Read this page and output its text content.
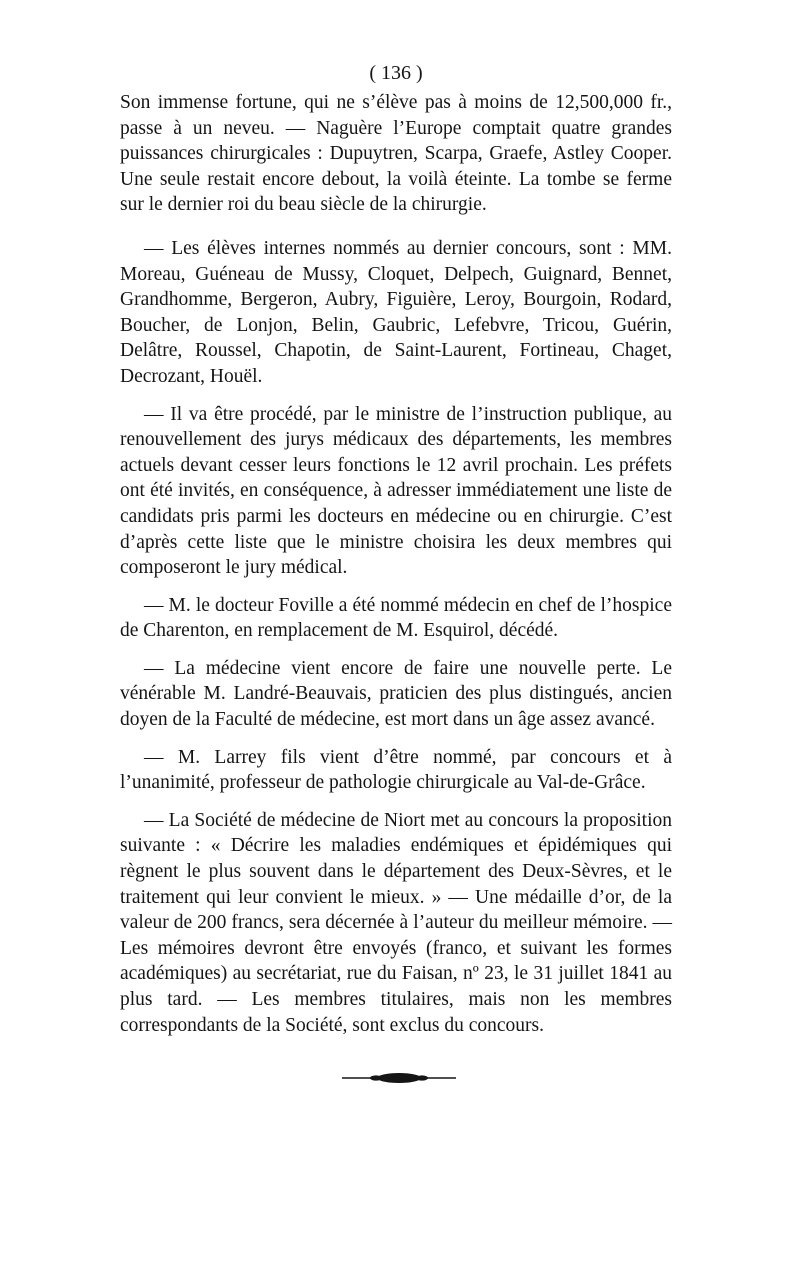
( 136 )

Son immense fortune, qui ne s’élève pas à moins de 12,500,000 fr., passe à un neveu. — Naguère l’Europe comptait quatre grandes puissances chirurgicales : Dupuytren, Scarpa, Graefe, Astley Cooper. Une seule restait encore debout, la voilà éteinte. La tombe se ferme sur le dernier roi du beau siècle de la chirurgie.

— Les élèves internes nommés au dernier concours, sont : MM. Moreau, Guéneau de Mussy, Cloquet, Delpech, Guignard, Bennet, Grandhomme, Bergeron, Aubry, Figuière, Leroy, Bourgoin, Rodard, Boucher, de Lonjon, Belin, Gaubric, Lefebvre, Tricou, Guérin, Delâtre, Roussel, Chapotin, de Saint-Laurent, Fortineau, Chaget, Decrozant, Houël.

— Il va être procédé, par le ministre de l’instruction publique, au renouvellement des jurys médicaux des départements, les membres actuels devant cesser leurs fonctions le 12 avril prochain. Les préfets ont été invités, en conséquence, à adresser immédiatement une liste de candidats pris parmi les docteurs en médecine ou en chirurgie. C’est d’après cette liste que le ministre choisira les deux membres qui composeront le jury médical.

— M. le docteur Foville a été nommé médecin en chef de l’hospice de Charenton, en remplacement de M. Esquirol, décédé.

— La médecine vient encore de faire une nouvelle perte. Le vénérable M. Landré-Beauvais, praticien des plus distingués, ancien doyen de la Faculté de médecine, est mort dans un âge assez avancé.

— M. Larrey fils vient d’être nommé, par concours et à l’unanimité, professeur de pathologie chirurgicale au Val-de-Grâce.

— La Société de médecine de Niort met au concours la proposition suivante : « Décrire les maladies endémiques et épidémiques qui règnent le plus souvent dans le département des Deux-Sèvres, et le traitement qui leur convient le mieux. » — Une médaille d’or, de la valeur de 200 francs, sera décernée à l’auteur du meilleur mémoire. — Les mémoires devront être envoyés (franco, et suivant les formes académiques) au secrétariat, rue du Faisan, nº 23, le 31 juillet 1841 au plus tard. — Les membres titulaires, mais non les membres correspondants de la Société, sont exclus du concours.
